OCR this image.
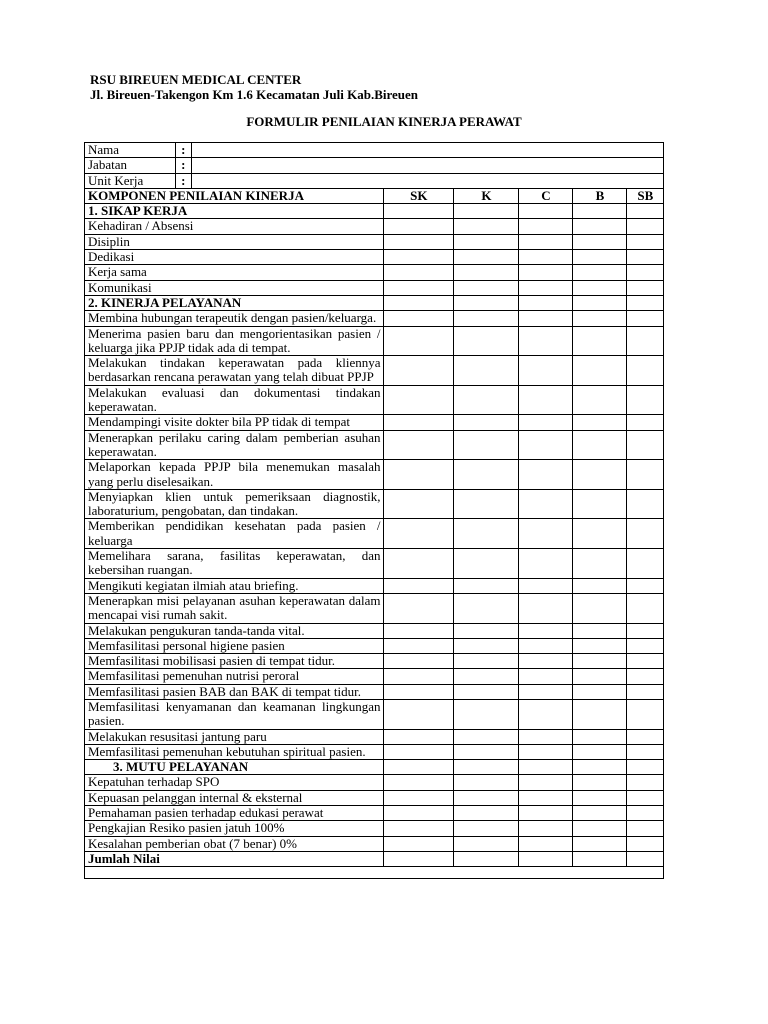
RSU BIREUEN MEDICAL CENTER
Jl. Bireuen-Takengon Km 1.6 Kecamatan Juli Kab.Bireuen
FORMULIR PENILAIAN KINERJA PERAWAT
Nama	:						
Jabatan	:						
Unit Kerja	:						
KOMPONEN PENILAIAN KINERJA			SK	K	C	B	SB
1. SIKAP KERJA							
Kehadiran / Absensi							
Disiplin							
Dedikasi							
Kerja sama							
Komunikasi							
2. KINERJA PELAYANAN							
Membina hubungan terapeutik dengan pasien/keluarga.							
Menerima pasien baru dan mengorientasikan pasien / keluarga jika PPJP tidak ada di tempat.							
Melakukan tindakan keperawatan pada kliennya berdasarkan rencana perawatan yang telah dibuat PPJP							
Melakukan evaluasi dan dokumentasi tindakan keperawatan.							
Mendampingi visite dokter bila PP tidak di tempat							
Menerapkan perilaku caring dalam pemberian asuhan keperawatan.							
Melaporkan kepada PPJP bila menemukan masalah yang perlu diselesaikan.							
Menyiapkan klien untuk pemeriksaan diagnostik, laboraturium, pengobatan, dan tindakan.							
Memberikan pendidikan kesehatan pada pasien / keluarga							
Memelihara sarana, fasilitas keperawatan, dan kebersihan ruangan.							
Mengikuti kegiatan ilmiah atau briefing.							
Menerapkan misi pelayanan asuhan keperawatan dalam mencapai visi rumah sakit.							
Melakukan pengukuran tanda-tanda vital.							
Memfasilitasi personal higiene pasien							
Memfasilitasi mobilisasi pasien di tempat tidur.							
Memfasilitasi pemenuhan nutrisi peroral							
Memfasilitasi pasien BAB dan BAK di tempat tidur.							
Memfasilitasi kenyamanan dan keamanan lingkungan pasien.							
Melakukan resusitasi jantung paru							
Memfasilitasi pemenuhan kebutuhan spiritual pasien.							
3. MUTU PELAYANAN							
Kepatuhan terhadap SPO							
Kepuasan pelanggan internal & eksternal							
Pemahaman pasien terhadap edukasi perawat							
Pengkajian Resiko pasien jatuh 100%							
Kesalahan pemberian obat (7 benar) 0%							
Jumlah Nilai							
